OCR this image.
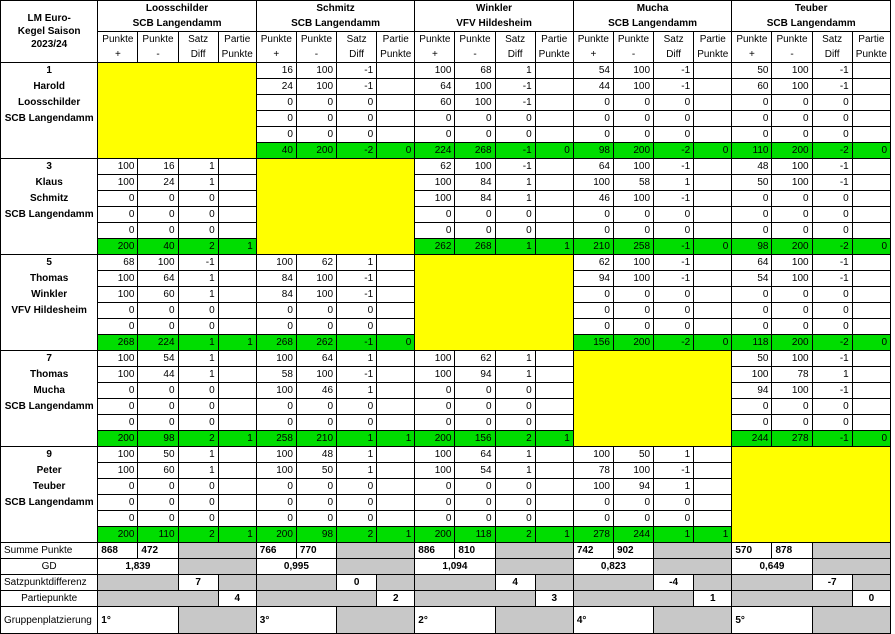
LM Euro-
Kegel Saison
2023/24	Loosschilder				Schmitz				Winkler				Mucha				Teuber			
	SCB Langendamm				SCB Langendamm				VFV Hildesheim				SCB Langendamm				SCB Langendamm			
	Punkte	Punkte	Satz	Partie	Punkte	Punkte	Satz	Partie	Punkte	Punkte	Satz	Partie	Punkte	Punkte	Satz	Partie	Punkte	Punkte	Satz	Partie
	+	-	Diff	Punkte	+	-	Diff	Punkte	+	-	Diff	Punkte	+	-	Diff	Punkte	+	-	Diff	Punkte
1					16	100	-1		100	68	1		54	100	-1		50	100	-1	
Harold					24	100	-1		64	100	-1		44	100	-1		60	100	-1	
Loosschilder					0	0	0		60	100	-1		0	0	0		0	0	0	
SCB Langendamm					0	0	0		0	0	0		0	0	0		0	0	0	
					0	0	0		0	0	0		0	0	0		0	0	0	
					40	200	-2	0	224	268	-1	0	98	200	-2	0	110	200	-2	0
3	100	16	1						62	100	-1		64	100	-1		48	100	-1	
Klaus	100	24	1						100	84	1		100	58	1		50	100	-1	
Schmitz	0	0	0						100	84	1		46	100	-1		0	0	0	
SCB Langendamm	0	0	0						0	0	0		0	0	0		0	0	0	
	0	0	0						0	0	0		0	0	0		0	0	0	
	200	40	2	1					262	268	1	1	210	258	-1	0	98	200	-2	0
5	68	100	-1		100	62	1						62	100	-1		64	100	-1	
Thomas	100	64	1		84	100	-1						94	100	-1		54	100	-1	
Winkler	100	60	1		84	100	-1						0	0	0		0	0	0	
VFV Hildesheim	0	0	0		0	0	0						0	0	0		0	0	0	
	0	0	0		0	0	0						0	0	0		0	0	0	
	268	224	1	1	268	262	-1	0					156	200	-2	0	118	200	-2	0
7	100	54	1		100	64	1		100	62	1						50	100	-1	
Thomas	100	44	1		58	100	-1		100	94	1						100	78	1	
Mucha	0	0	0		100	46	1		0	0	0						94	100	-1	
SCB Langendamm	0	0	0		0	0	0		0	0	0						0	0	0	
	0	0	0		0	0	0		0	0	0						0	0	0	
	200	98	2	1	258	210	1	1	200	156	2	1					244	278	-1	0
9	100	50	1		100	48	1		100	64	1		100	50	1					
Peter	100	60	1		100	50	1		100	54	1		78	100	-1					
Teuber	0	0	0		0	0	0		0	0	0		100	94	1					
SCB Langendamm	0	0	0		0	0	0		0	0	0		0	0	0					
	0	0	0		0	0	0		0	0	0		0	0	0					
	200	110	2	1	200	98	2	1	200	118	2	1	278	244	1	1				
Summe Punkte	868	472			766	770			886	810			742	902			570	878		
GD	1,839				0,995				1,094				0,823				0,649			
Satzpunktdifferenz			7				0				4				-4				-7	
Partiepunkte				4				2				3				1				0
Gruppenplatzierung	1°				3°				2°				4°				5°			
